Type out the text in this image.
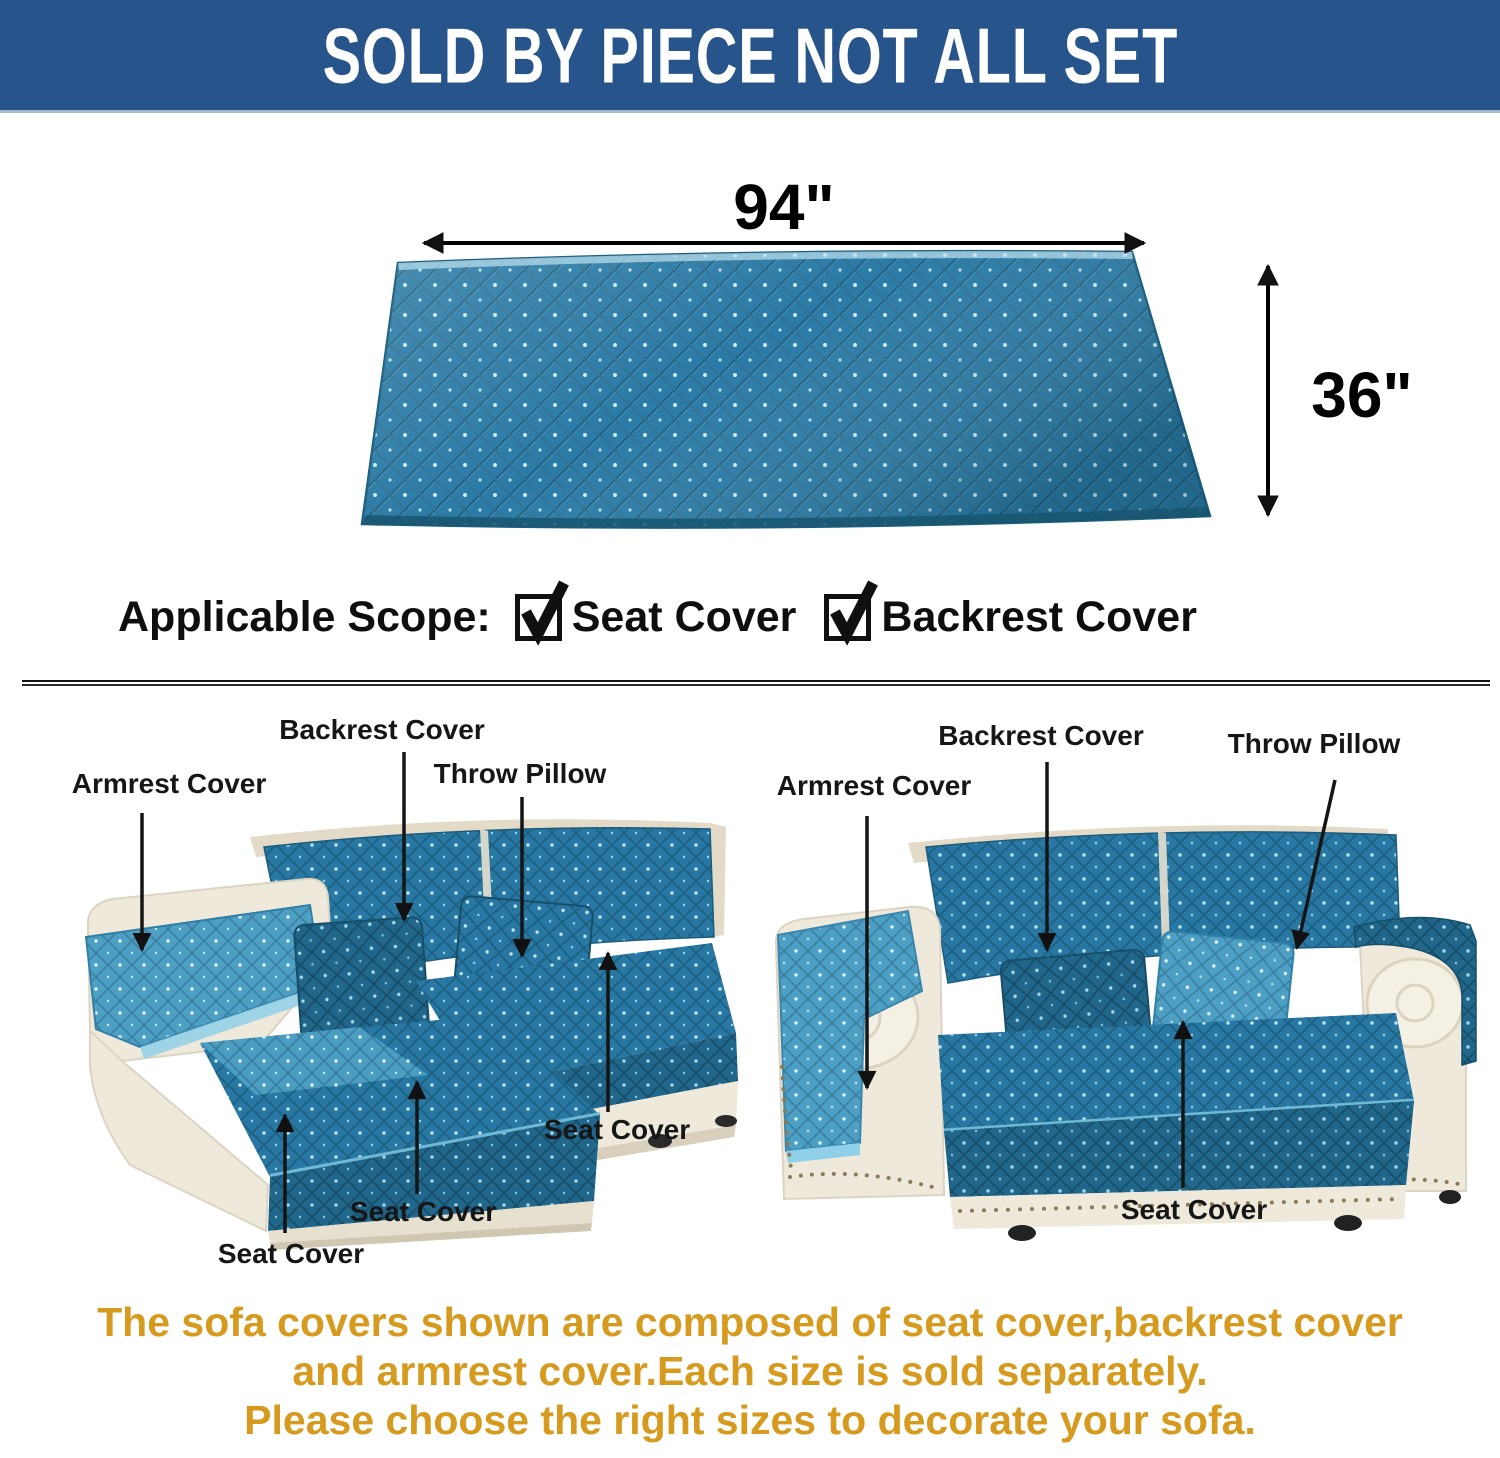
SOLD BY PIECE NOT ALL SET
94"
36"
Applicable Scope: Seat Cover Backrest Cover
Backrest Cover
Throw Pillow
Armrest Cover
Seat Cover
Seat Cover
Seat Cover
Armrest Cover
Backrest Cover	Throw Pillow
Seat Cover
The sofa covers shown are composed of seat cover,backrest cover
and armrest cover.Each size is sold separately.
Please choose the right sizes to decorate your sofa.
